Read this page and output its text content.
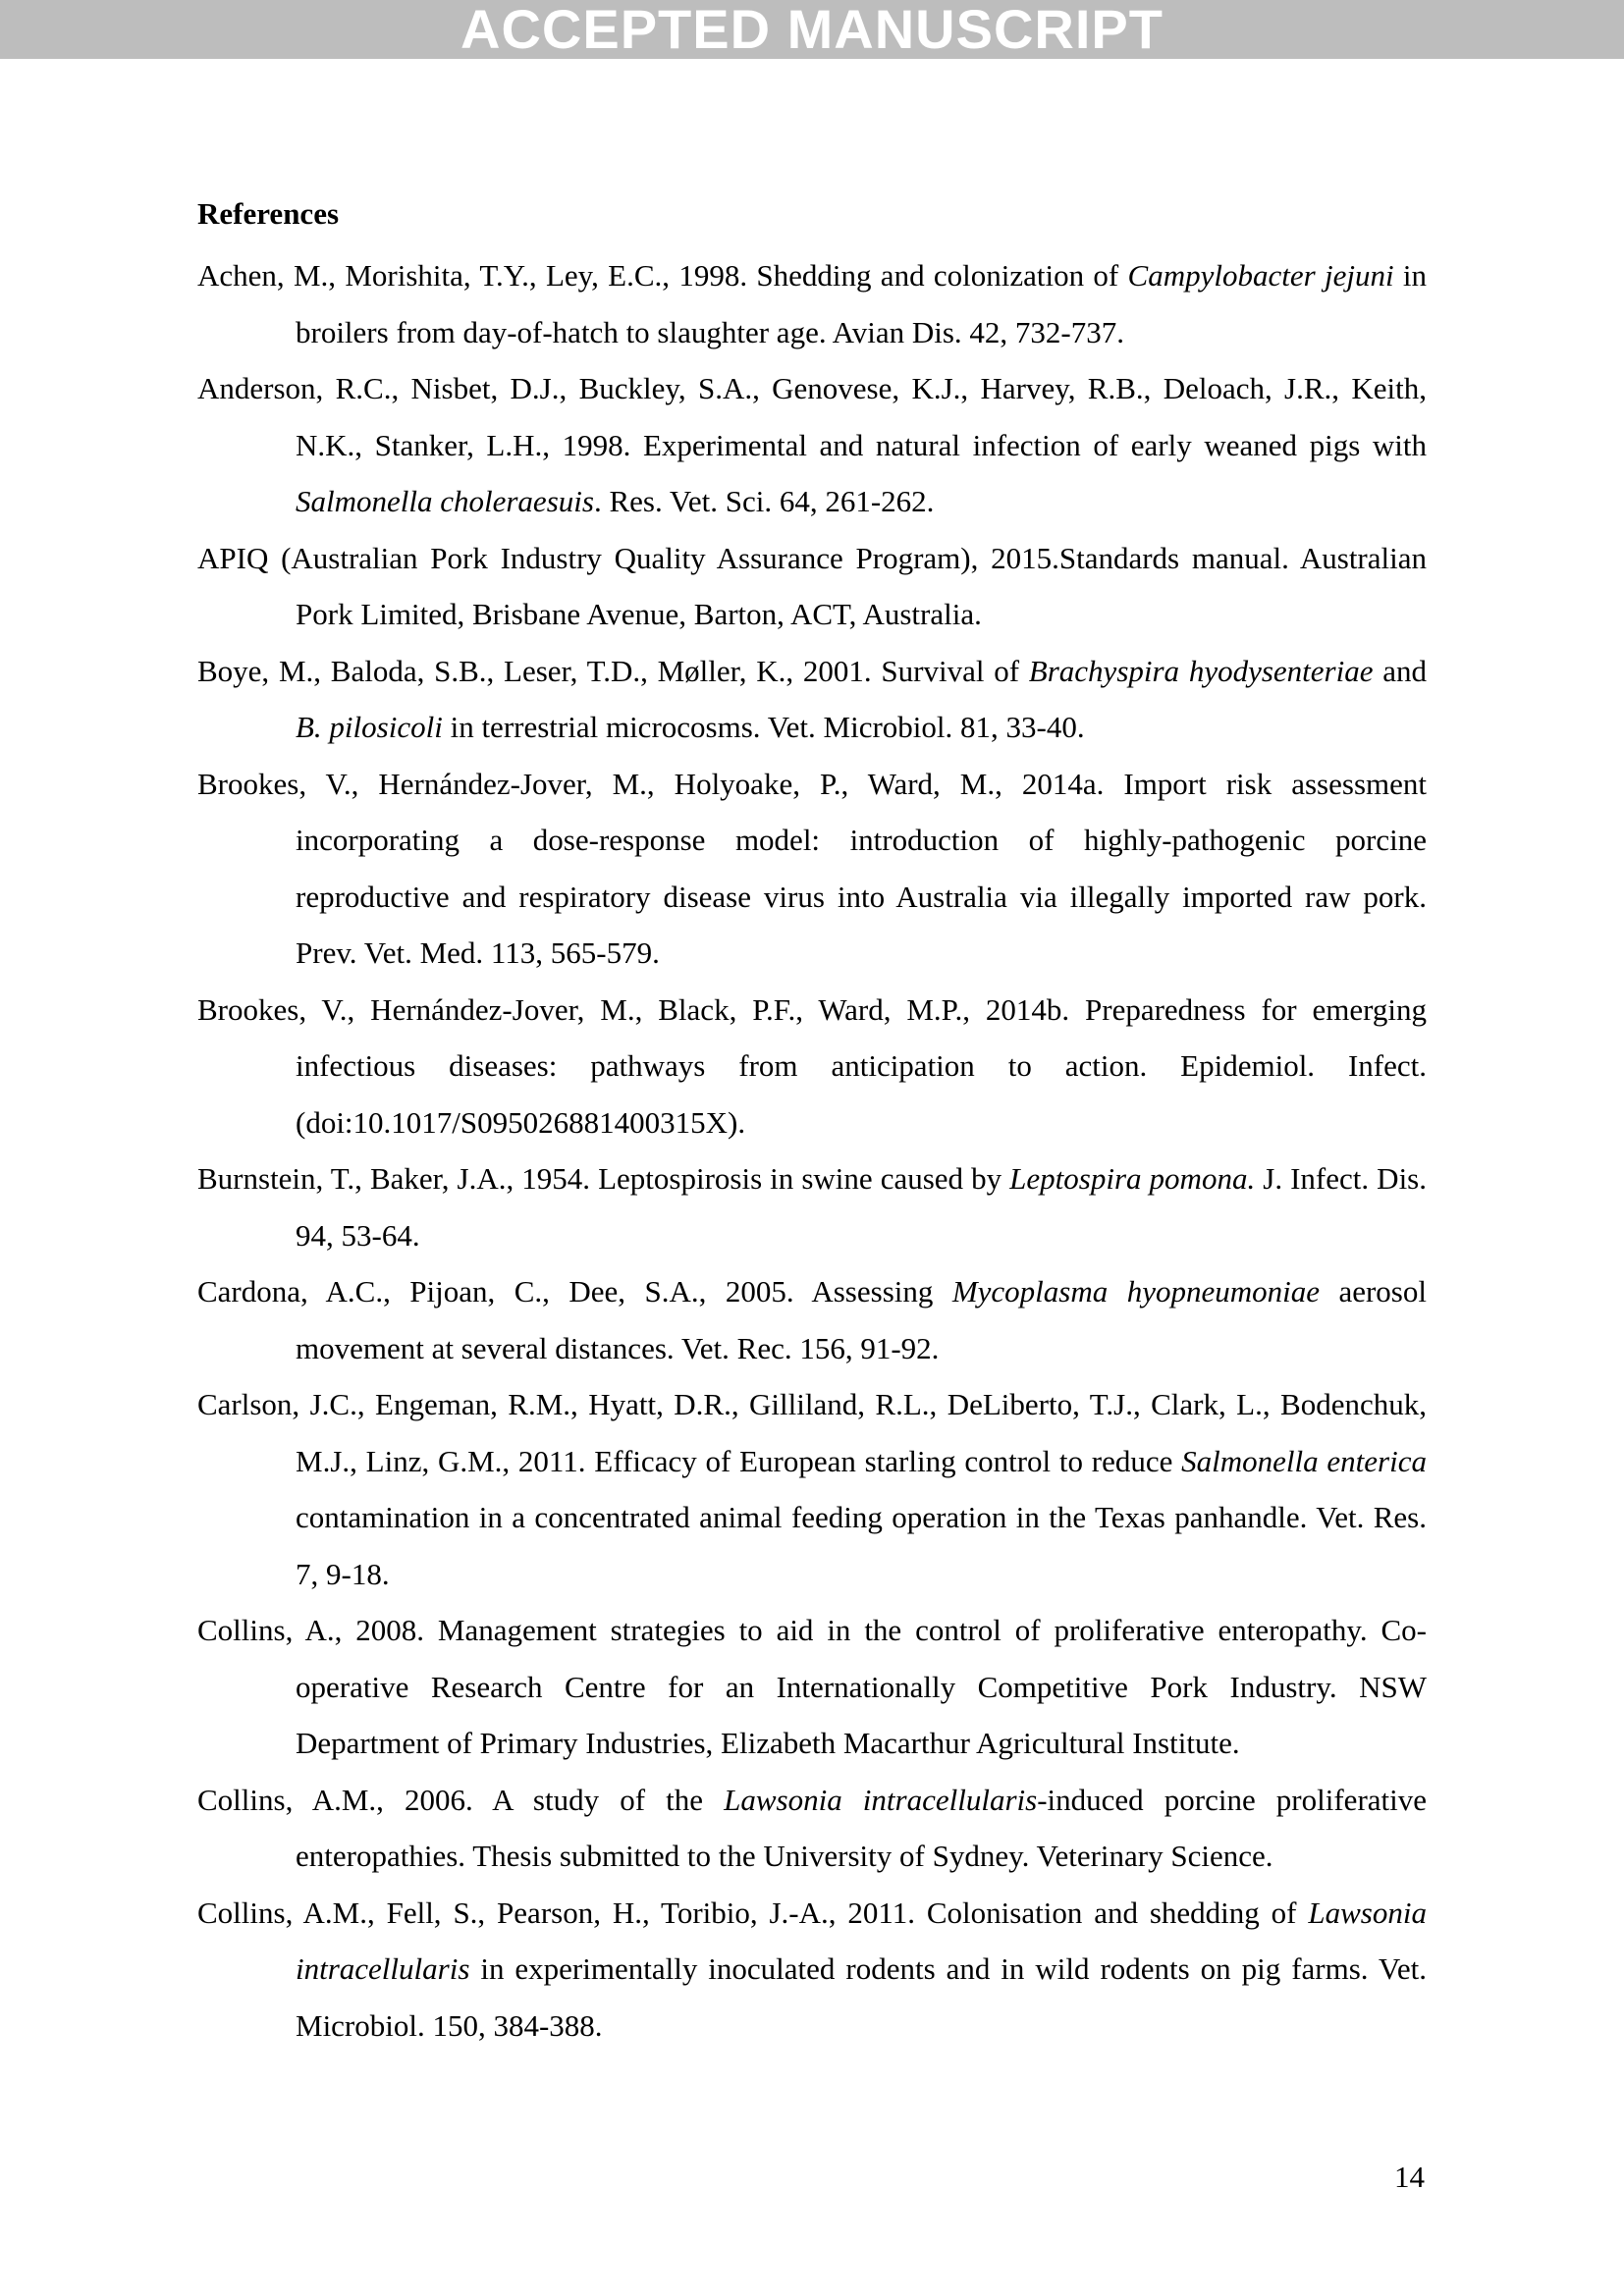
ACCEPTED MANUSCRIPT
References

Achen, M., Morishita, T.Y., Ley, E.C., 1998. Shedding and colonization of Campylobacter jejuni in broilers from day-of-hatch to slaughter age. Avian Dis. 42, 732-737.

Anderson, R.C., Nisbet, D.J., Buckley, S.A., Genovese, K.J., Harvey, R.B., Deloach, J.R., Keith, N.K., Stanker, L.H., 1998. Experimental and natural infection of early weaned pigs with Salmonella choleraesuis. Res. Vet. Sci. 64, 261-262.

APIQ (Australian Pork Industry Quality Assurance Program), 2015.Standards manual. Australian Pork Limited, Brisbane Avenue, Barton, ACT, Australia.

Boye, M., Baloda, S.B., Leser, T.D., Møller, K., 2001. Survival of Brachyspira hyodysenteriae and B. pilosicoli in terrestrial microcosms. Vet. Microbiol. 81, 33-40.

Brookes, V., Hernández-Jover, M., Holyoake, P., Ward, M., 2014a. Import risk assessment incorporating a dose-response model: introduction of highly-pathogenic porcine reproductive and respiratory disease virus into Australia via illegally imported raw pork. Prev. Vet. Med. 113, 565-579.

Brookes, V., Hernández-Jover, M., Black, P.F., Ward, M.P., 2014b. Preparedness for emerging infectious diseases: pathways from anticipation to action. Epidemiol. Infect. (doi:10.1017/S095026881400315X).

Burnstein, T., Baker, J.A., 1954. Leptospirosis in swine caused by Leptospira pomona. J. Infect. Dis. 94, 53-64.

Cardona, A.C., Pijoan, C., Dee, S.A., 2005. Assessing Mycoplasma hyopneumoniae aerosol movement at several distances. Vet. Rec. 156, 91-92.

Carlson, J.C., Engeman, R.M., Hyatt, D.R., Gilliland, R.L., DeLiberto, T.J., Clark, L., Bodenchuk, M.J., Linz, G.M., 2011. Efficacy of European starling control to reduce Salmonella enterica contamination in a concentrated animal feeding operation in the Texas panhandle. Vet. Res. 7, 9-18.

Collins, A., 2008. Management strategies to aid in the control of proliferative enteropathy. Co-operative Research Centre for an Internationally Competitive Pork Industry. NSW Department of Primary Industries, Elizabeth Macarthur Agricultural Institute.

Collins, A.M., 2006. A study of the Lawsonia intracellularis-induced porcine proliferative enteropathies. Thesis submitted to the University of Sydney. Veterinary Science.

Collins, A.M., Fell, S., Pearson, H., Toribio, J.-A., 2011. Colonisation and shedding of Lawsonia intracellularis in experimentally inoculated rodents and in wild rodents on pig farms. Vet. Microbiol. 150, 384-388.

14
